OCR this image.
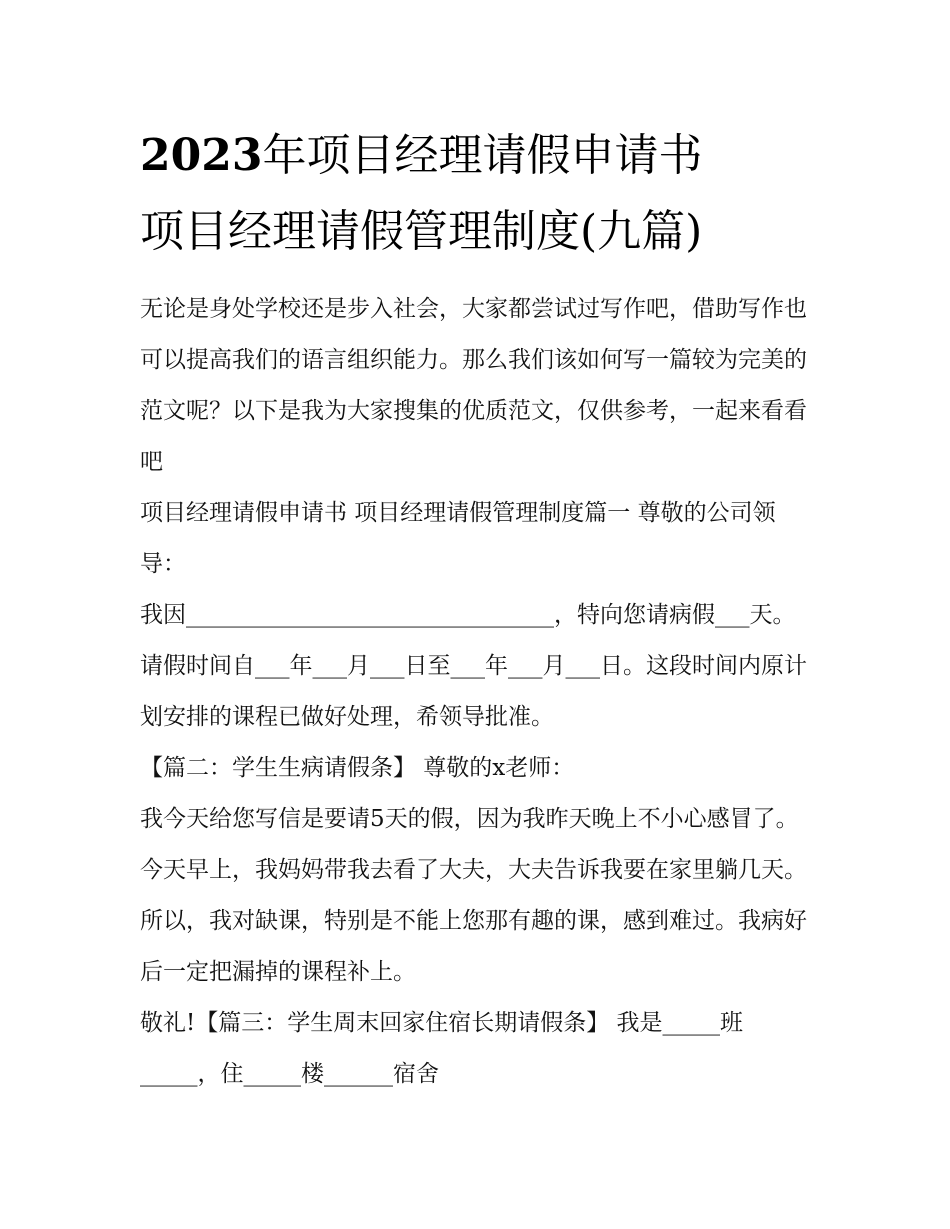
2023年项目经理请假申请书
项目经理请假管理制度(九篇)

无论是身处学校还是步入社会，大家都尝试过写作吧，借助写作也可以提高我们的语言组织能力。那么我们该如何写一篇较为完美的范文呢？以下是我为大家搜集的优质范文，仅供参考，一起来看看吧

项目经理请假申请书 项目经理请假管理制度篇一 尊敬的公司领导：

我因________________________________，特向您请病假___天。请假时间自___年___月___日至___年___月___日。这段时间内原计划安排的课程已做好处理，希领导批准。

【篇二：学生生病请假条】 尊敬的x老师：

我今天给您写信是要请5天的假，因为我昨天晚上不小心感冒了。今天早上，我妈妈带我去看了大夫，大夫告诉我要在家里躺几天。所以，我对缺课，特别是不能上您那有趣的课，感到难过。我病好后一定把漏掉的课程补上。

敬礼!【篇三：学生周末回家住宿长期请假条】 我是_____班_____，住_____楼______宿舍
